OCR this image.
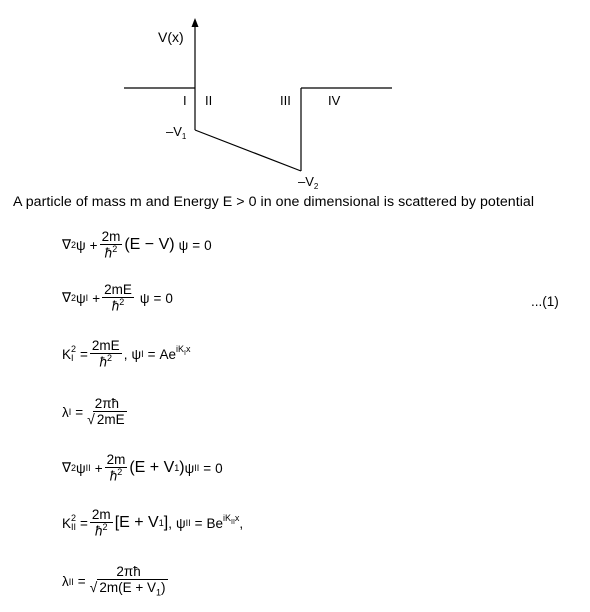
V(x)
I II	III	IV
$-V_1$
$-V_2$
A particle of mass m and Energy E > 0 in one dimensional is scattered by potential
∇ 2 $\psi + \frac{2m}{ħ^2} (E - V) \psi = 0$
∇ 2 ψ $I + \frac{2mE}{ħ^2}$ ψ = 0	...(1)
K 2
$I = \frac{2mE}{ħ^2}$ , ψ I = Ae $^{iK_Ix}$
λ $I = \frac{2\pi ħ}{√ 2mE}$
∇ 2 ψ II + $\frac{2m}{ħ^2} (E + V$ 1 ) ψ II = 0
K 2
II = $\frac{2m}{ħ^2} [E + V$ 1 ] , ψ II = Be $^{iK_{II}x}$ ,
λ II = $\frac{2\pi ħ}{√ 2m(E + V_1)}$
